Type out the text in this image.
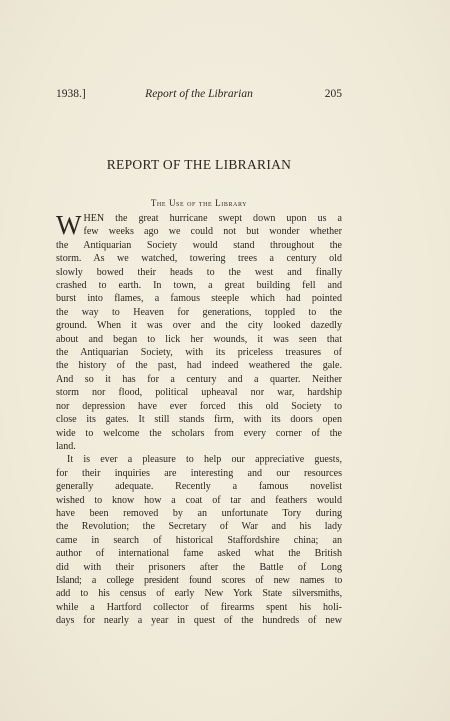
1938.]	Report of the Librarian	205
REPORT OF THE LIBRARIAN
The Use of the Library

W HEN the great hurricane swept down upon us a
few weeks ago we could not but wonder whether
the Antiquarian Society would stand throughout the
storm. As we watched, towering trees a century old
slowly bowed their heads to the west and finally
crashed to earth. In town, a great building fell and
burst into flames, a famous steeple which had pointed
the way to Heaven for generations, toppled to the
ground. When it was over and the city looked dazedly
about and began to lick her wounds, it was seen that
the Antiquarian Society, with its priceless treasures of
the history of the past, had indeed weathered the gale.
And so it has for a century and a quarter. Neither
storm nor flood, political upheaval nor war, hardship
nor depression have ever forced this old Society to
close its gates. It still stands firm, with its doors open
wide to welcome the scholars from every corner of the
land.

It is ever a pleasure to help our appreciative guests,
for their inquiries are interesting and our resources
generally adequate. Recently a famous novelist
wished to know how a coat of tar and feathers would
have been removed by an unfortunate Tory during
the Revolution; the Secretary of War and his lady
came in search of historical Staffordshire china; an
author of international fame asked what the British
did with their prisoners after the Battle of Long
Island; a college president found scores of new names to
add to his census of early New York State silversmiths,
while a Hartford collector of firearms spent his holi-
days for nearly a year in quest of the hundreds of new
